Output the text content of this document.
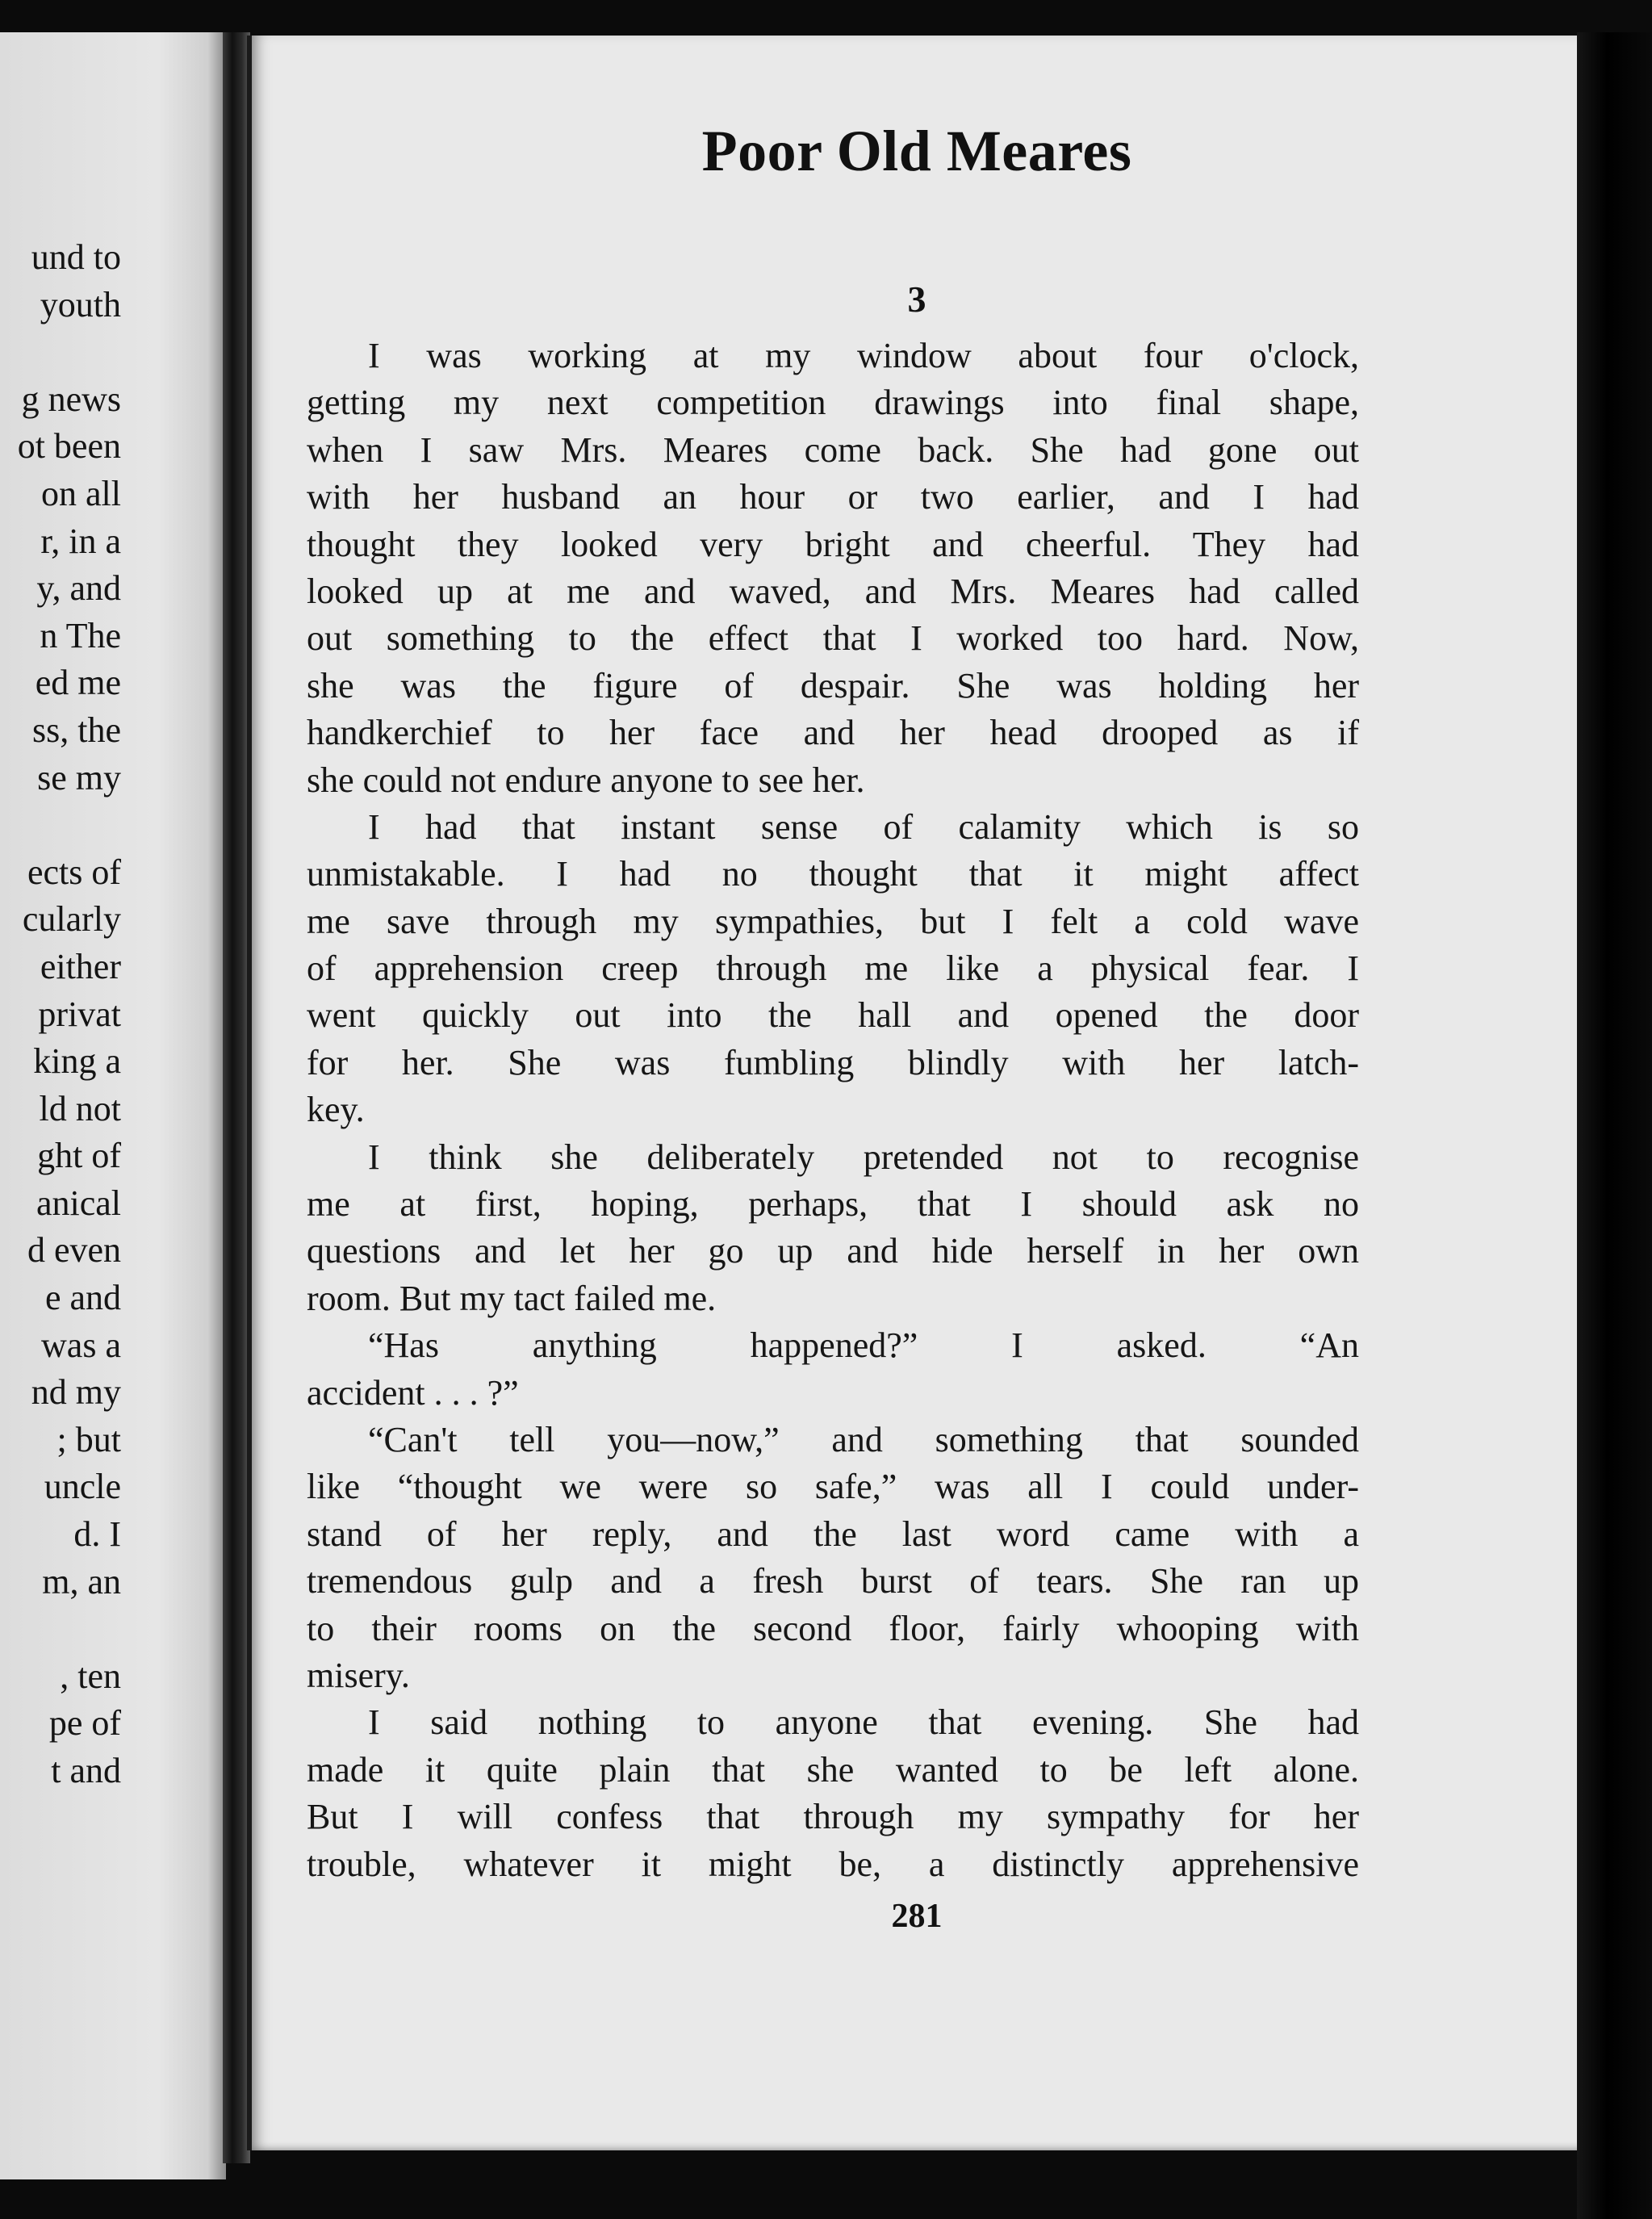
und to
youth
g news
ot been
on all
r, in a
y, and
n The
ed me
ss, the
se my
ects of
cularly
either
privat
king a
ld not
ght of
anical
d even
e and
was a
nd my
; but
uncle
d. I
m, an
, ten
pe of
t and
Poor Old Meares
3
I was working at my window about four o'clock,
getting my next competition drawings into final shape,
when I saw Mrs. Meares come back. She had gone out
with her husband an hour or two earlier, and I had
thought they looked very bright and cheerful. They had
looked up at me and waved, and Mrs. Meares had called
out something to the effect that I worked too hard. Now,
she was the figure of despair. She was holding her
handkerchief to her face and her head drooped as if
she could not endure anyone to see her.
I had that instant sense of calamity which is so
unmistakable. I had no thought that it might affect
me save through my sympathies, but I felt a cold wave
of apprehension creep through me like a physical fear. I
went quickly out into the hall and opened the door
for her. She was fumbling blindly with her latch-
key.
I think she deliberately pretended not to recognise
me at first, hoping, perhaps, that I should ask no
questions and let her go up and hide herself in her own
room. But my tact failed me.
“Has anything happened?” I asked. “An
accident . . . ?”
“Can't tell you—now,” and something that sounded
like “thought we were so safe,” was all I could under-
stand of her reply, and the last word came with a
tremendous gulp and a fresh burst of tears. She ran up
to their rooms on the second floor, fairly whooping with
misery.
I said nothing to anyone that evening. She had
made it quite plain that she wanted to be left alone.
But I will confess that through my sympathy for her
trouble, whatever it might be, a distinctly apprehensive
281
